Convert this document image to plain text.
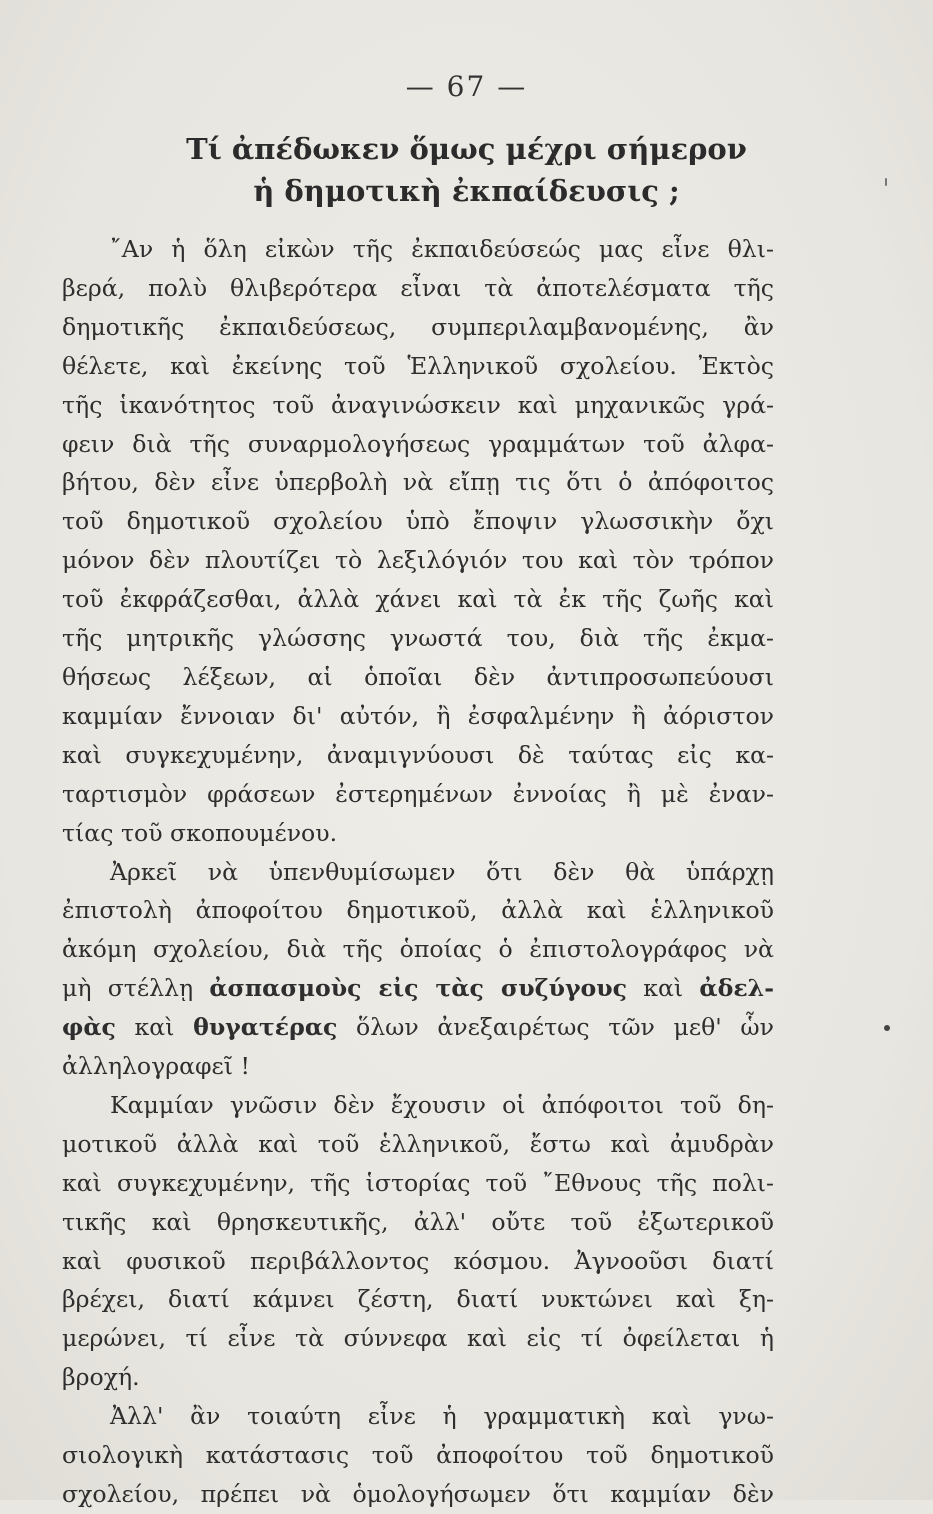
— 67 —
Τί ἀπέδωκεν ὅμως μέχρι σήμερον
ἡ δημοτικὴ ἐκπαίδευσις ;
῎Αν ἡ ὅλη εἰκὼν τῆς ἐκπαιδεύσεώς μας εἶνε θλι-
βερά, πολὺ θλιβερότερα εἶναι τὰ ἀποτελέσματα τῆς
δημοτικῆς ἐκπαιδεύσεως, συμπεριλαμβανομένης, ἂν
θέλετε, καὶ ἐκείνης τοῦ Ἑλληνικοῦ σχολείου. Ἐκτὸς
τῆς ἱκανότητος τοῦ ἀναγινώσκειν καὶ μηχανικῶς γρά-
φειν διὰ τῆς συναρμολογήσεως γραμμάτων τοῦ ἀλφα-
βήτου, δὲν εἶνε ὑπερβολὴ νὰ εἴπῃ τις ὅτι ὁ ἀπόφοιτος
τοῦ δημοτικοῦ σχολείου ὑπὸ ἔποψιν γλωσσικὴν ὄχι
μόνον δὲν πλουτίζει τὸ λεξιλόγιόν του καὶ τὸν τρόπον
τοῦ ἐκφράζεσθαι, ἀλλὰ χάνει καὶ τὰ ἐκ τῆς ζωῆς καὶ
τῆς μητρικῆς γλώσσης γνωστά του, διὰ τῆς ἐκμα-
θήσεως λέξεων, αἱ ὁποῖαι δὲν ἀντιπροσωπεύουσι
καμμίαν ἔννοιαν δι' αὐτόν, ἢ ἐσφαλμένην ἢ ἀόριστον
καὶ συγκεχυμένην, ἀναμιγνύουσι δὲ ταύτας εἰς κα-
ταρτισμὸν φράσεων ἐστερημένων ἐννοίας ἢ μὲ ἐναν-
τίας τοῦ σκοπουμένου.
Ἀρκεῖ νὰ ὑπενθυμίσωμεν ὅτι δὲν θὰ ὑπάρχῃ
ἐπιστολὴ ἀποφοίτου δημοτικοῦ, ἀλλὰ καὶ ἑλληνικοῦ
ἀκόμη σχολείου, διὰ τῆς ὁποίας ὁ ἐπιστολογράφος νὰ
μὴ στέλλῃ ἀσπασμοὺς εἰς τὰς συζύγους καὶ ἀδελ-
φὰς καὶ θυγατέρας ὅλων ἀνεξαιρέτως τῶν μεθ' ὧν
ἀλληλογραφεῖ !
Καμμίαν γνῶσιν δὲν ἔχουσιν οἱ ἀπόφοιτοι τοῦ δη-
μοτικοῦ ἀλλὰ καὶ τοῦ ἑλληνικοῦ, ἔστω καὶ ἀμυδρὰν
καὶ συγκεχυμένην, τῆς ἱστορίας τοῦ ῎Εθνους τῆς πολι-
τικῆς καὶ θρησκευτικῆς, ἀλλ' οὔτε τοῦ ἐξωτερικοῦ
καὶ φυσικοῦ περιβάλλοντος κόσμου. Ἀγνοοῦσι διατί
βρέχει, διατί κάμνει ζέστη, διατί νυκτώνει καὶ ξη-
μερώνει, τί εἶνε τὰ σύννεφα καὶ εἰς τί ὀφείλεται ἡ
βροχή.
Ἀλλ' ἂν τοιαύτη εἶνε ἡ γραμματικὴ καὶ γνω-
σιολογικὴ κατάστασις τοῦ ἀποφοίτου τοῦ δημοτικοῦ
σχολείου, πρέπει νὰ ὁμολογήσωμεν ὅτι καμμίαν δὲν
